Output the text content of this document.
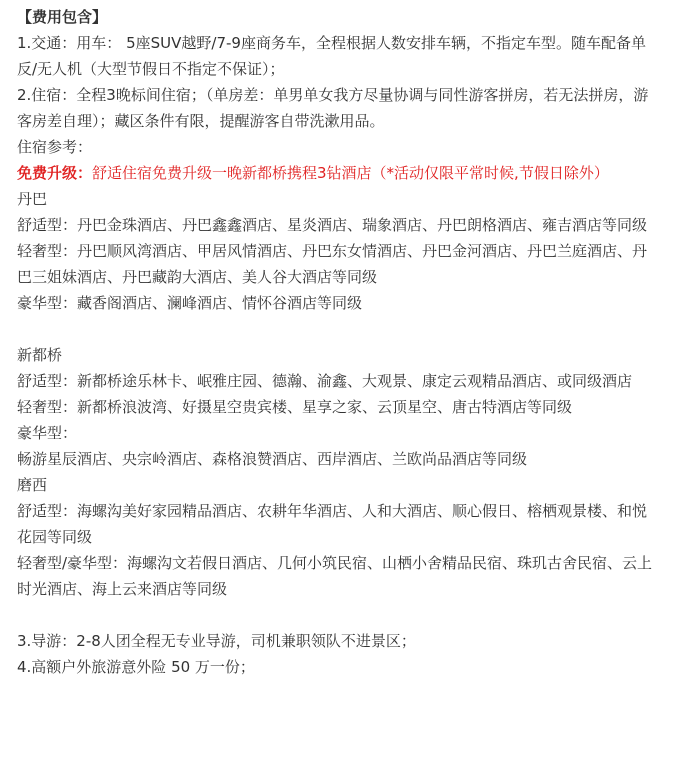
【费用包含】

1.交通：用车： 5座SUV越野/7-9座商务车，全程根据人数安排车辆，不指定车型。随车配备单反/无人机（大型节假日不指定不保证）；

2.住宿：全程3晚标间住宿；（单房差：单男单女我方尽量协调与同性游客拼房，若无法拼房，游客房差自理）；藏区条件有限，提醒游客自带洗漱用品。

住宿参考：

免费升级：舒适住宿免费升级一晚新都桥携程3钻酒店（*活动仅限平常时候,节假日除外）

丹巴

舒适型：丹巴金珠酒店、丹巴鑫鑫酒店、星炎酒店、瑞象酒店、丹巴朗格酒店、雍吉酒店等同级

轻奢型：丹巴顺风湾酒店、甲居风情酒店、丹巴东女情酒店、丹巴金河酒店、丹巴兰庭酒店、丹巴三姐妹酒店、丹巴藏韵大酒店、美人谷大酒店等同级

豪华型：藏香阁酒店、澜峰酒店、情怀谷酒店等同级

新都桥

舒适型：新都桥途乐林卡、岷雅庄园、德瀚、渝鑫、大观景、康定云观精品酒店、或同级酒店

轻奢型：新都桥浪波湾、好摄星空贵宾楼、星享之家、云顶星空、唐古特酒店等同级

豪华型：

畅游星辰酒店、央宗岭酒店、森格浪赞酒店、西岸酒店、兰欧尚品酒店等同级

磨西

舒适型：海螺沟美好家园精品酒店、农耕年华酒店、人和大酒店、顺心假日、榕栖观景楼、和悦花园等同级

轻奢型/豪华型：海螺沟文若假日酒店、几何小筑民宿、山栖小舍精品民宿、珠玑古舍民宿、云上时光酒店、海上云来酒店等同级

3.导游：2-8人团全程无专业导游，司机兼职领队不进景区；

4.高额户外旅游意外险 50 万一份；
